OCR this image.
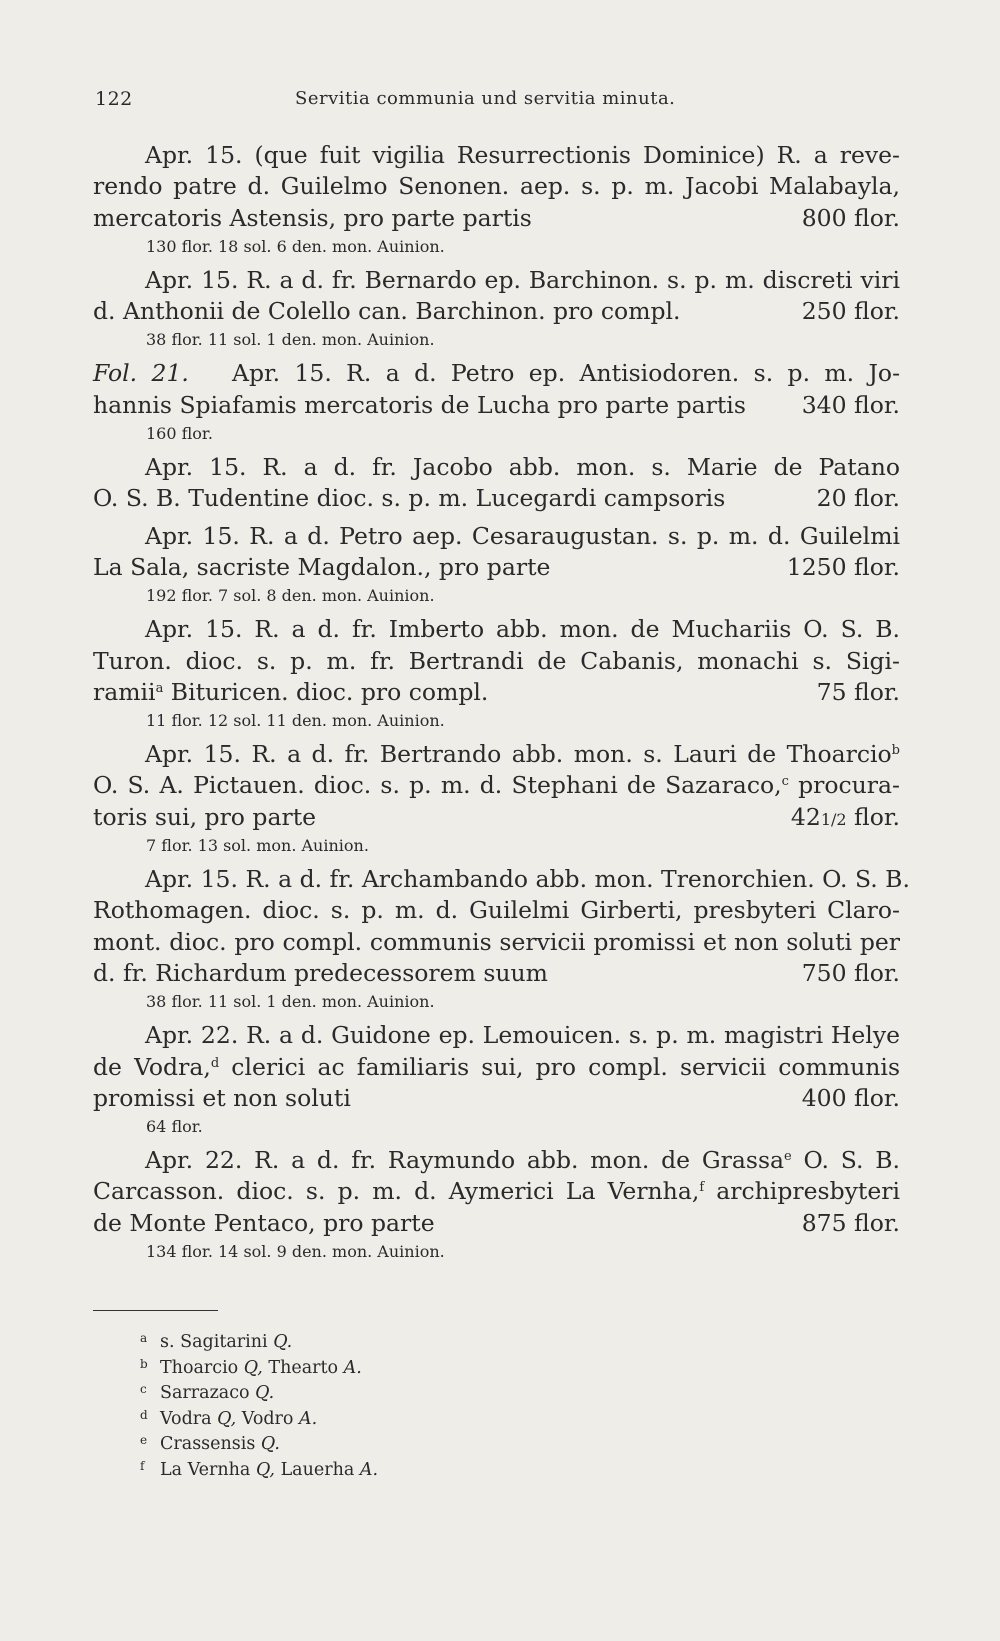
122	Servitia communia und servitia minuta.
Apr. 15. (que fuit vigilia Resurrectionis Dominice) R. a reve-
rendo patre d. Guilelmo Senonen. aep. s. p. m. Jacobi Malabayla,
mercatoris Astensis, pro parte partis	800 flor.
130 flor. 18 sol. 6 den. mon. Auinion.
Apr. 15. R. a d. fr. Bernardo ep. Barchinon. s. p. m. discreti viri
d. Anthonii de Colello can. Barchinon. pro compl.	250 flor.
38 flor. 11 sol. 1 den. mon. Auinion.
Fol. 21. Apr. 15. R. a d. Petro ep. Antisiodoren. s. p. m. Jo-
hannis Spiafamis mercatoris de Lucha pro parte partis 340 flor.
160 flor.
Apr. 15. R. a d. fr. Jacobo abb. mon. s. Marie de Patano
O. S. B. Tudentine dioc. s. p. m. Lucegardi campsoris	20 flor.
Apr. 15. R. a d. Petro aep. Cesaraugustan. s. p. m. d. Guilelmi
La Sala, sacriste Magdalon., pro parte	1250 flor.
192 flor. 7 sol. 8 den. mon. Auinion.
Apr. 15. R. a d. fr. Imberto abb. mon. de Muchariis O. S. B.
Turon. dioc. s. p. m. fr. Bertrandi de Cabanis, monachi s. Sigi-
ramii$^a$ Bituricen. dioc. pro compl.	75 flor.
11 flor. 12 sol. 11 den. mon. Auinion.
Apr. 15. R. a d. fr. Bertrando abb. mon. s. Lauri de Thoarcio$^b$
O. S. A. Pictauen. dioc. s. p. m. d. Stephani de Sazaraco,$^c$ procura-
toris sui, pro parte	421/2 flor.
7 flor. 13 sol. mon. Auinion.
Apr. 15. R. a d. fr. Archambando abb. mon. Trenorchien. O. S. B.
Rothomagen. dioc. s. p. m. d. Guilelmi Girberti, presbyteri Claro-
mont. dioc. pro compl. communis servicii promissi et non soluti per
d. fr. Richardum predecessorem suum	750 flor.
38 flor. 11 sol. 1 den. mon. Auinion.
Apr. 22. R. a d. Guidone ep. Lemouicen. s. p. m. magistri Helye
de Vodra,$^d$ clerici ac familiaris sui, pro compl. servicii communis
promissi et non soluti	400 flor.
64 flor.
Apr. 22. R. a d. fr. Raymundo abb. mon. de Grassa$^e$ O. S. B.
Carcasson. dioc. s. p. m. d. Aymerici La Vernha,$^f$ archipresbyteri
de Monte Pentaco, pro parte	875 flor.
134 flor. 14 sol. 9 den. mon. Auinion.
a s. Sagitarini Q.
b Thoarcio Q, Thearto A.
c Sarrazaco Q.
d Vodra Q, Vodro A.
e Crassensis Q.
f La Vernha Q, Lauerha A.
